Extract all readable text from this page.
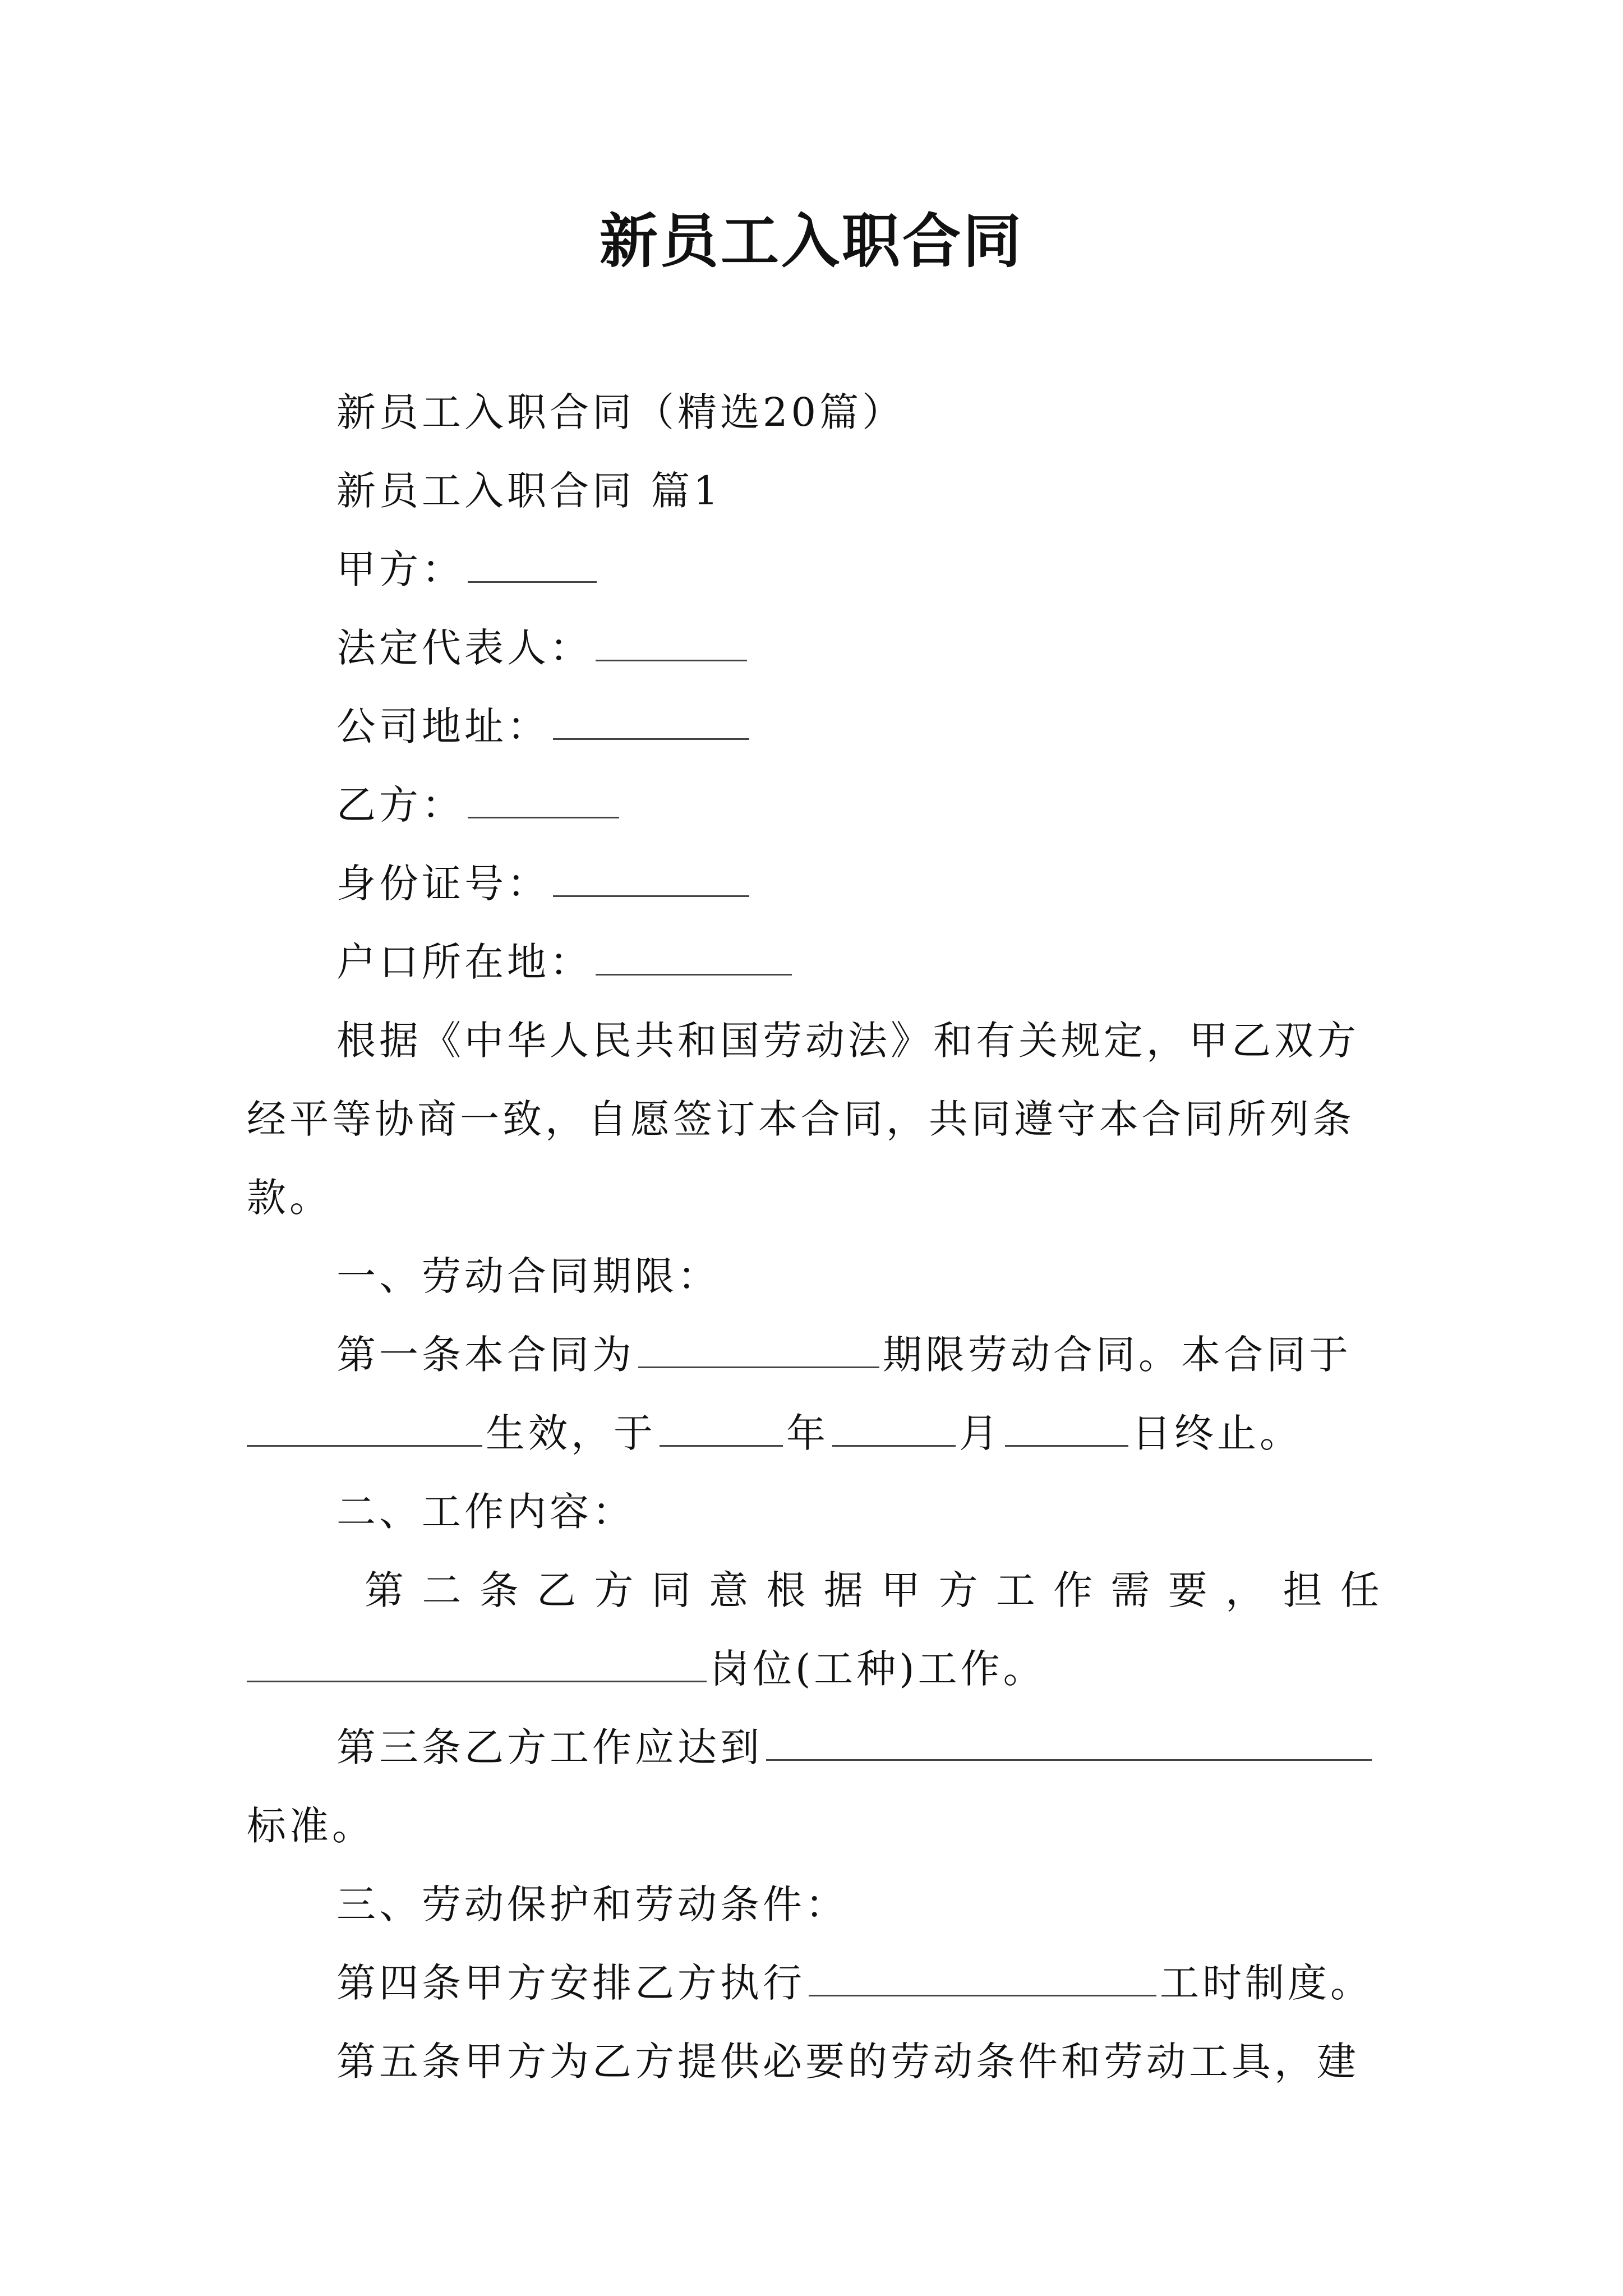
新员工入职合同
新员工入职合同（精选20篇）
新员工入职合同 篇1
甲方：
法定代表人：
公司地址：
乙方：
身份证号：
户口所在地：
根据《中华人民共和国劳动法》和有关规定，甲乙双方
经平等协商一致，自愿签订本合同，共同遵守本合同所列条
款。
一、劳动合同期限：
第一条本合同为	期限劳动合同。本合同于
生效，于	年	月	日终止。
二、工作内容：
第 二 条 乙 方 同 意 根 据 甲 方 工 作 需 要 ， 担 任
岗位(工种)工作。
第三条乙方工作应达到
标准。
三、劳动保护和劳动条件：
第四条甲方安排乙方执行	工时制度。
第五条甲方为乙方提供必要的劳动条件和劳动工具，建
